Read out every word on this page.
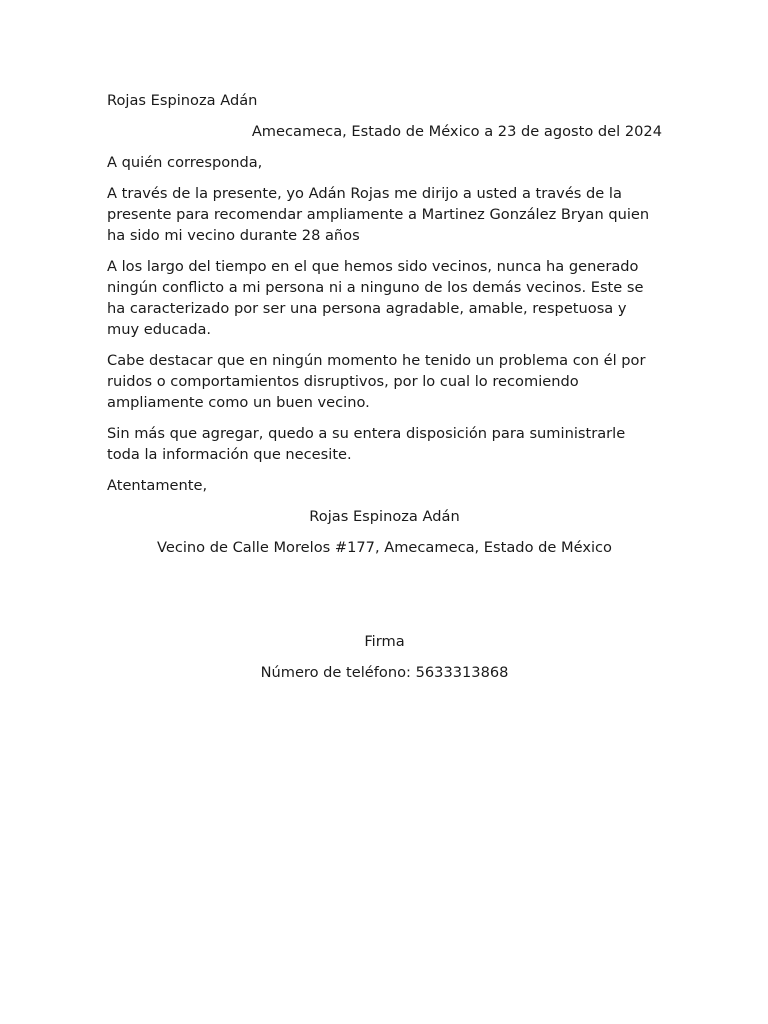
Rojas Espinoza Adán

Amecameca, Estado de México a 23 de agosto del 2024

A quién corresponda,

A través de la presente, yo Adán Rojas me dirijo a usted a través de la presente para recomendar ampliamente a Martinez González Bryan quien ha sido mi vecino durante 28 años

A los largo del tiempo en el que hemos sido vecinos, nunca ha generado ningún conflicto a mi persona ni a ninguno de los demás vecinos. Este se ha caracterizado por ser una persona agradable, amable, respetuosa y muy educada.

Cabe destacar que en ningún momento he tenido un problema con él por ruidos o comportamientos disruptivos, por lo cual lo recomiendo ampliamente como un buen vecino.

Sin más que agregar, quedo a su entera disposición para suministrarle toda la información que necesite.

Atentamente,

Rojas Espinoza Adán

Vecino de Calle Morelos #177, Amecameca, Estado de México

Firma

Número de teléfono: 5633313868
